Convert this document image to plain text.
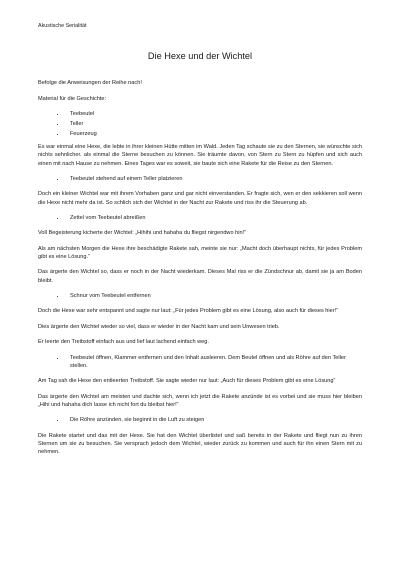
Akustische Serialität
Die Hexe und der Wichtel

Befolge die Anweisungen der Reihe nach!

Material für die Geschichte:

• Teebeutel
• Teller
• Feuerzeug

Es war einmal eine Hexe, die lebte in ihrer kleinen Hütte mitten im Wald. Jeden Tag schaute sie zu den Sternen, sie wünschte sich nichts sehnlicher. als einmal die Sterne besuchen zu können. Sie träumte davon, von Stern zu Stern zu hüpfen und sich auch einen mit nach Hause zu nehmen. Eines Tages war es soweit, sie baute sich eine Rakete für die Reise zu den Sternen.

• Teebeutel stehend auf einem Teller platzieren

Doch ein kleiner Wichtel war mit ihrem Vorhaben ganz und gar nicht einverstanden. Er fragte sich, wen er den sekkieren soll wenn die Hexe nicht mehr da ist. So schlich sich der Wichtel in der Nacht zur Rakete und riss ihr die Steuerung ab.

• Zettel vom Teebeutel abreißen

Voll Begeisterung kicherte der Wichtel: „Hihihi und hahaha du fliegst nirgendwo hin!“

Als am nächsten Morgen die Hexe ihre beschädigte Rakete sah, meinte sie nur: „Macht doch überhaupt nichts, für jedes Problem gibt es eine Lösung.“

Das ärgerte den Wichtel so, dass er noch in der Nacht wiederkam. Dieses Mal riss er die Zündschnur ab, damit sie ja am Boden bleibt.

• Schnur vom Teebeutel entfernen

Doch die Hexe war sehr entspannt und sagte nur laut: „Für jedes Problem gibt es eine Lösung, also auch für dieses hier!“

Dies ärgerte den Wichtel wieder so viel, dass er wieder in der Nacht kam und sein Unwesen trieb.

Er leerte den Treibstoff einfach aus und lief laut lachend einfach weg.

• Teebeutel öffnen, Klammer entfernen und den Inhalt ausleeren. Dem Beutel öffnen und als Röhre auf den Teller stellen.

Am Tag sah die Hexe den entleerten Treibstoff. Sie sagte wieder nur laut: „Auch für dieses Problem gibt es eine Lösung“

Das ärgerte den Wichtel am meisten und dachte sich, wenn ich jetzt die Rakete anzünde ist es vorbei und sie muss hier bleiben „Hihi und hahaha dich lasse ich nicht fort du bleibst hier!“

• Die Röhre anzünden, sie beginnt in die Luft zu steigen

Die Rakete startet und das mit der Hexe. Sie hat den Wichtel überlistet und saß bereits in der Rakete und fliegt nun zu ihren Sternen um sie zu besuchen. Sie versprach jedoch dem Wichtel, wieder zurück zu kommen und auch für ihn einen Stern mit zu nehmen.
